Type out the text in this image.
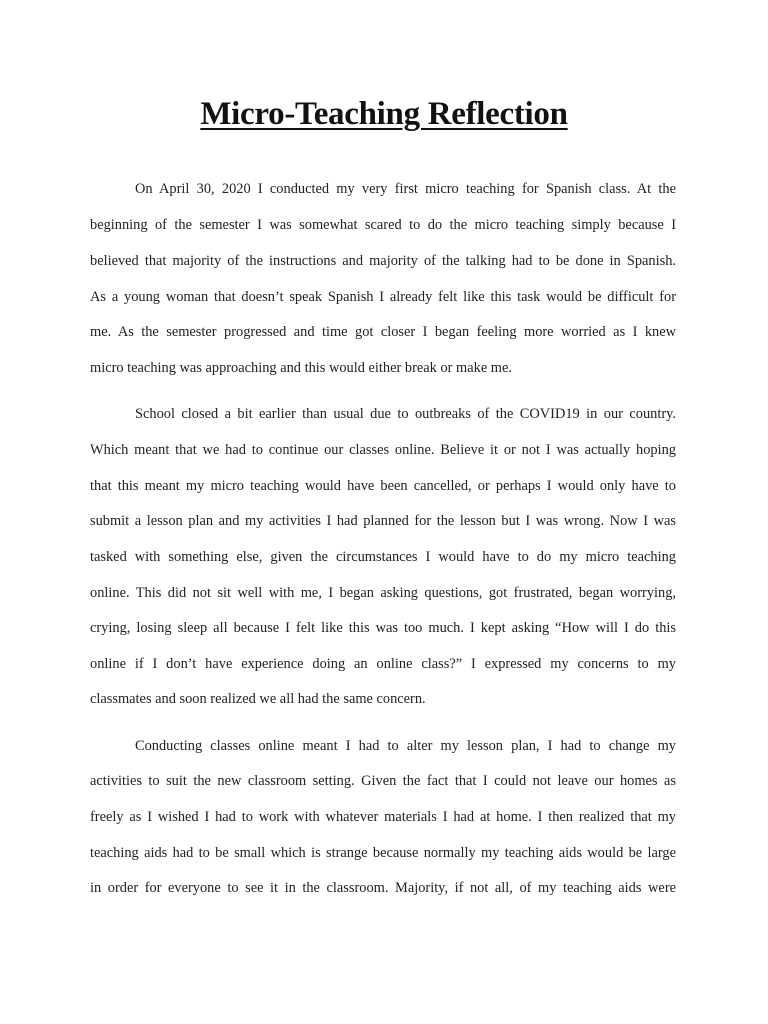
Micro-Teaching Reflection
On April 30, 2020 I conducted my very first micro teaching for Spanish class. At the
beginning of the semester I was somewhat scared to do the micro teaching simply because I
believed that majority of the instructions and majority of the talking had to be done in Spanish.
As a young woman that doesn’t speak Spanish I already felt like this task would be difficult for
me. As the semester progressed and time got closer I began feeling more worried as I knew
micro teaching was approaching and this would either break or make me.
School closed a bit earlier than usual due to outbreaks of the COVID19 in our country.
Which meant that we had to continue our classes online. Believe it or not I was actually hoping
that this meant my micro teaching would have been cancelled, or perhaps I would only have to
submit a lesson plan and my activities I had planned for the lesson but I was wrong. Now I was
tasked with something else, given the circumstances I would have to do my micro teaching
online. This did not sit well with me, I began asking questions, got frustrated, began worrying,
crying, losing sleep all because I felt like this was too much. I kept asking “How will I do this
online if I don’t have experience doing an online class?” I expressed my concerns to my
classmates and soon realized we all had the same concern.
Conducting classes online meant I had to alter my lesson plan, I had to change my
activities to suit the new classroom setting. Given the fact that I could not leave our homes as
freely as I wished I had to work with whatever materials I had at home. I then realized that my
teaching aids had to be small which is strange because normally my teaching aids would be large
in order for everyone to see it in the classroom. Majority, if not all, of my teaching aids were
